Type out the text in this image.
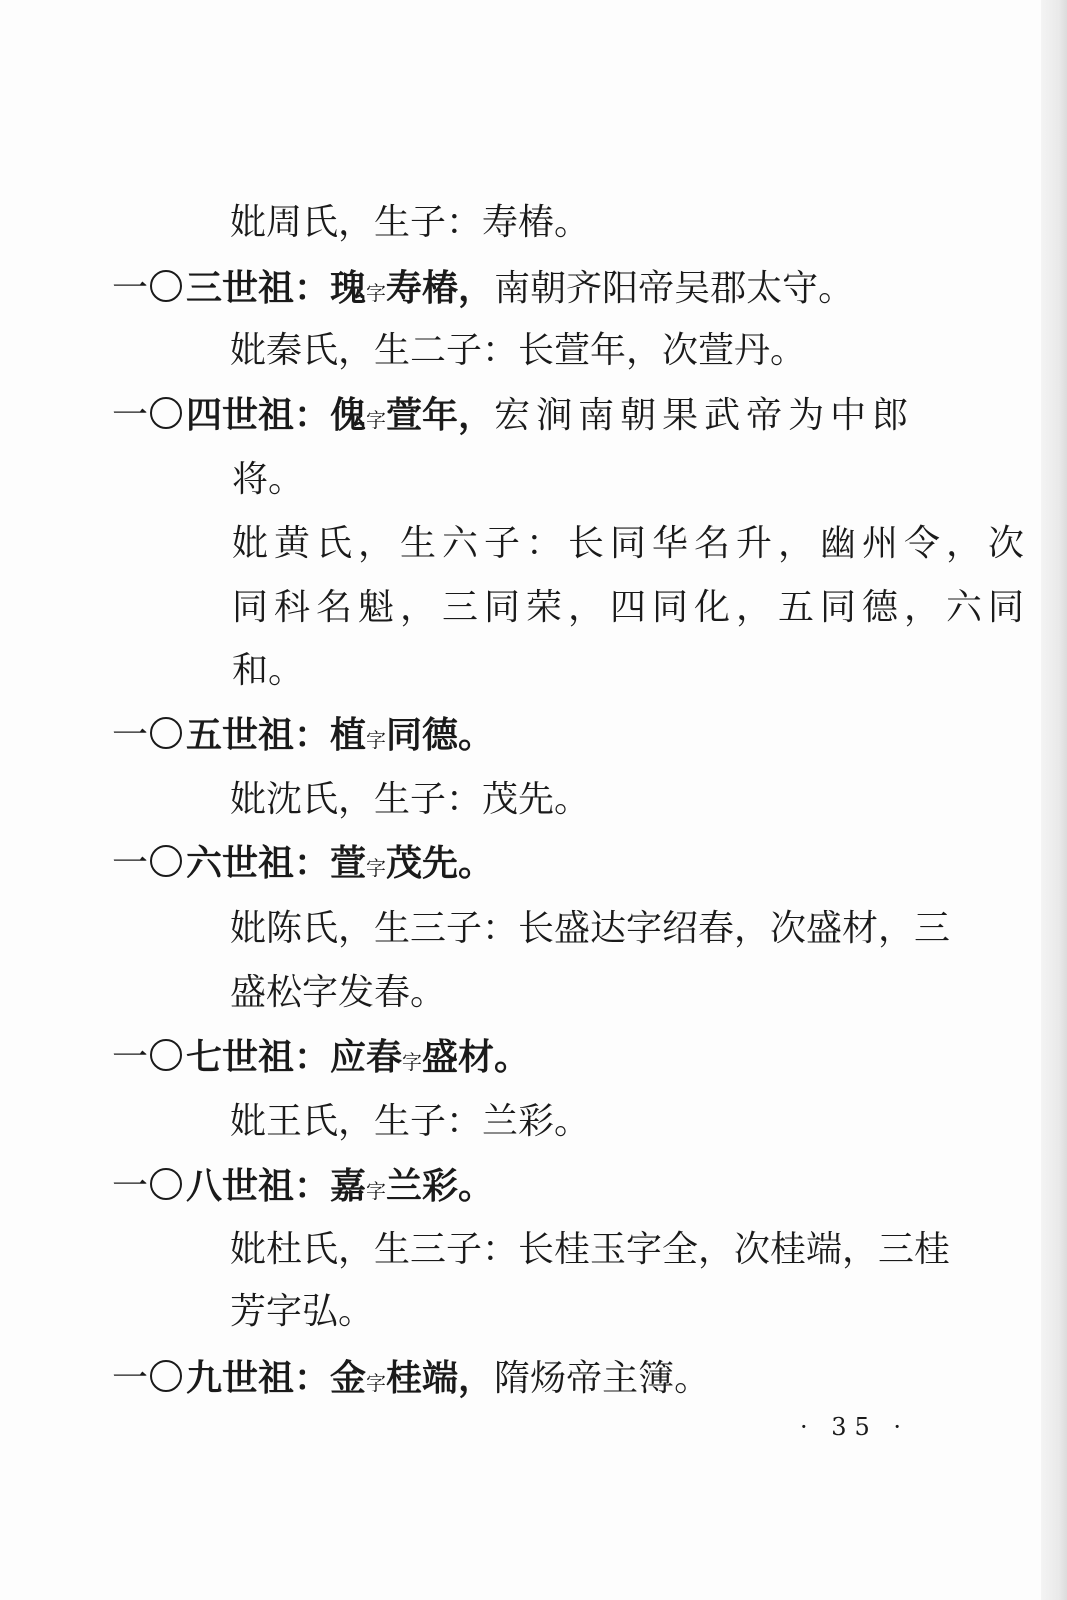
妣周氏，生子：寿椿。
一 三世祖：瑰字寿椿，南朝齐阳帝吴郡太守。
妣秦氏，生二子：长萱年，次萱丹。
一 四世祖：傀字萱年，宏涧南朝果武帝为中郎
将。
妣黄氏，生六子：长同华名升，幽州令，次
同科名魁，三同荣，四同化，五同德，六同
和。
一 五世祖：植字同德。
妣沈氏，生子：茂先。
一 六世祖：萱字茂先。
妣陈氏，生三子：长盛达字绍春，次盛材，三
盛松字发春。
一 七世祖：应春字盛材。
妣王氏，生子：兰彩。
一 八世祖：嘉字兰彩。
妣杜氏，生三子：长桂玉字全，次桂端，三桂
芳字弘。
一 九世祖：金字桂端，隋炀帝主簿。
· 35 ·
